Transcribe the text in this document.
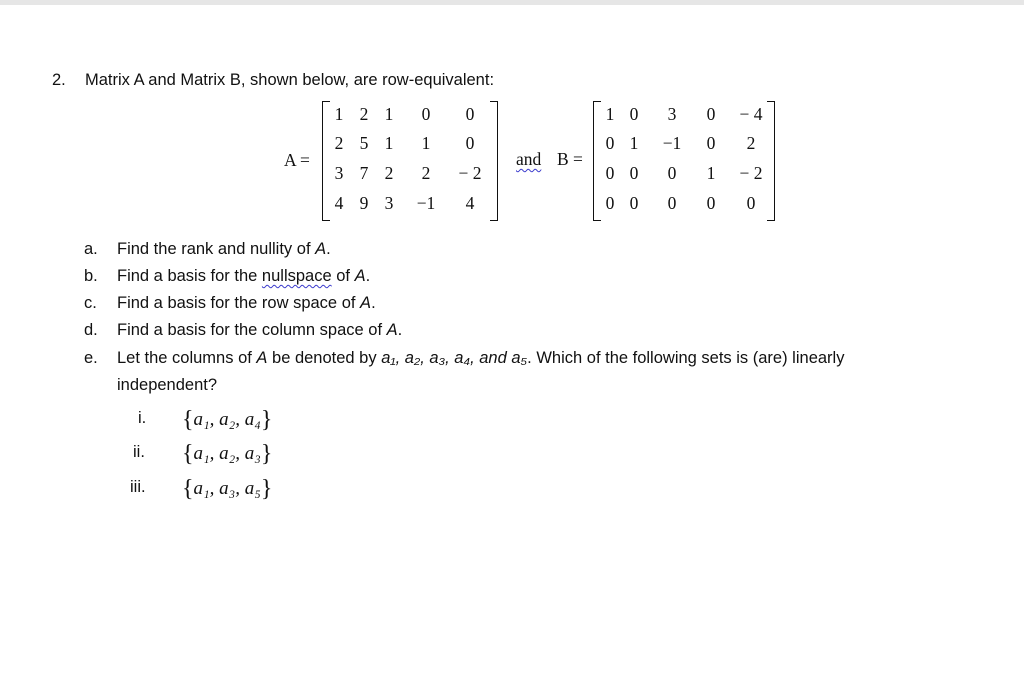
2. Matrix A and Matrix B, shown below, are row-equivalent:
A =
1 2 1	0	0
2 5 1	1	0
3 7 2	2	− 2
4 9 3	−1	4
and B =
1 0	3	0	− 4
0 1	−1	0	2
0 0	0	1	− 2
0 0	0	0	0
a. Find the rank and nullity of A.
b. Find a basis for the nullspace of A.
c. Find a basis for the row space of A.
d. Find a basis for the column space of A.
e. Let the columns of A be denoted by a₁, a₂, a₃, a₄, and a₅. Which of the following sets is (are) linearly
independent?
i. {a₁, a₂, a₄}
ii. {a₁, a₂, a₃}
iii. {a₁, a₃, a₅}
